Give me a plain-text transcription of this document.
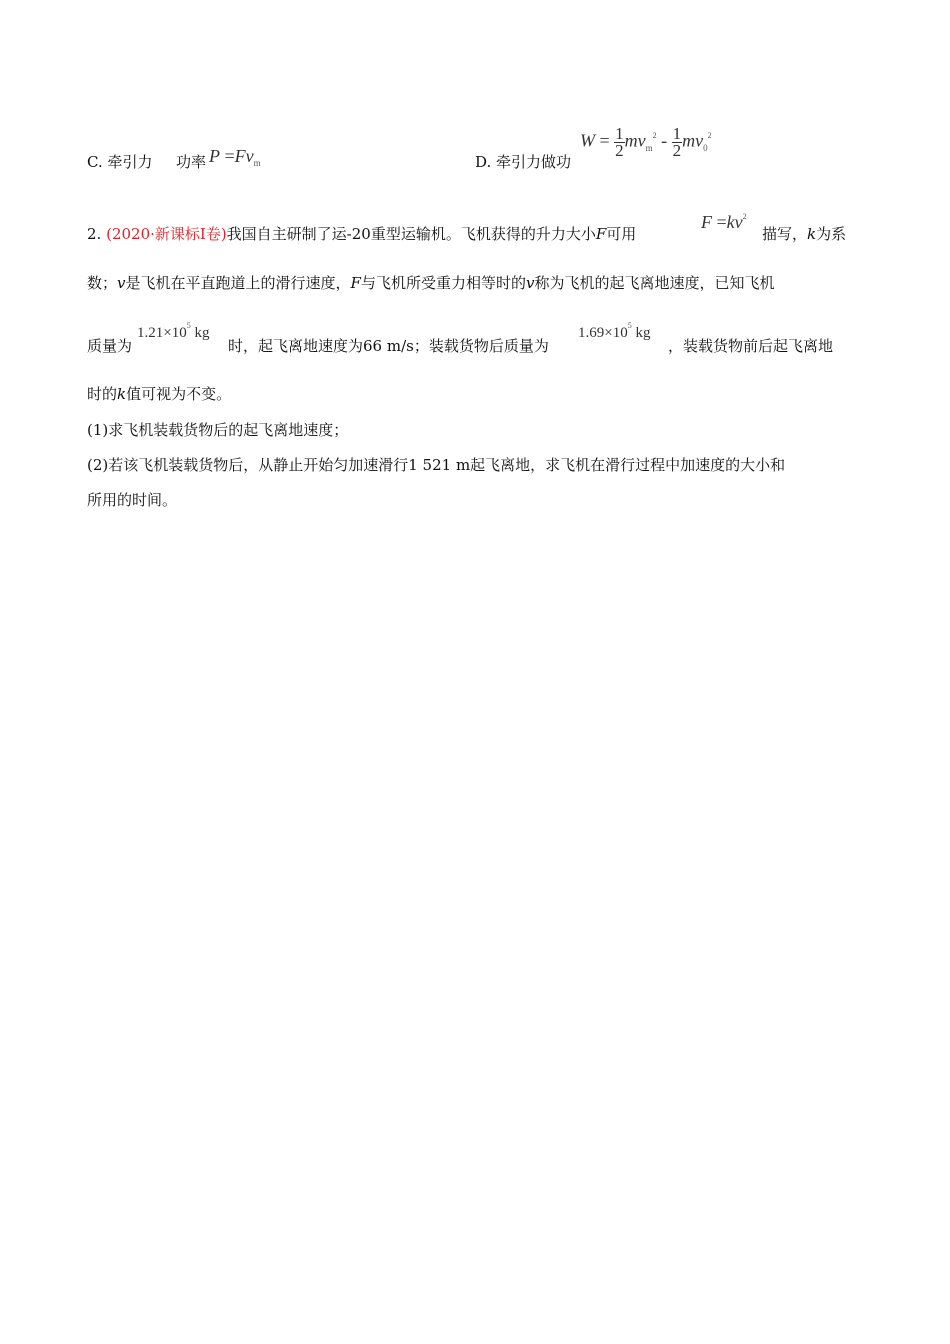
C. 牵引力 功率 $P =Fv_m$	D. 牵引力做功
$W = \frac{1}{2} mv_m^2 - \frac{1}{2} mv_0^2$
2. (2020·新课标Ⅰ卷)我国自主研制了运-20重型运输机。飞机获得的升力大小F可用
$F =kv^2$
描写，k为系
数；v是飞机在平直跑道上的滑行速度，F与飞机所受重力相等时的v称为飞机的起飞离地速度，已知飞机
质量为
$1.21\times 10^5$ kg
时，起飞离地速度为66 m/s；装载货物后质量为
$1.69\times 10^5$ kg
，装载货物前后起飞离地
时的k值可视为不变。
(1)求飞机装载货物后的起飞离地速度；
(2)若该飞机装载货物后，从静止开始匀加速滑行1 521 m起飞离地，求飞机在滑行过程中加速度的大小和
所用的时间。
